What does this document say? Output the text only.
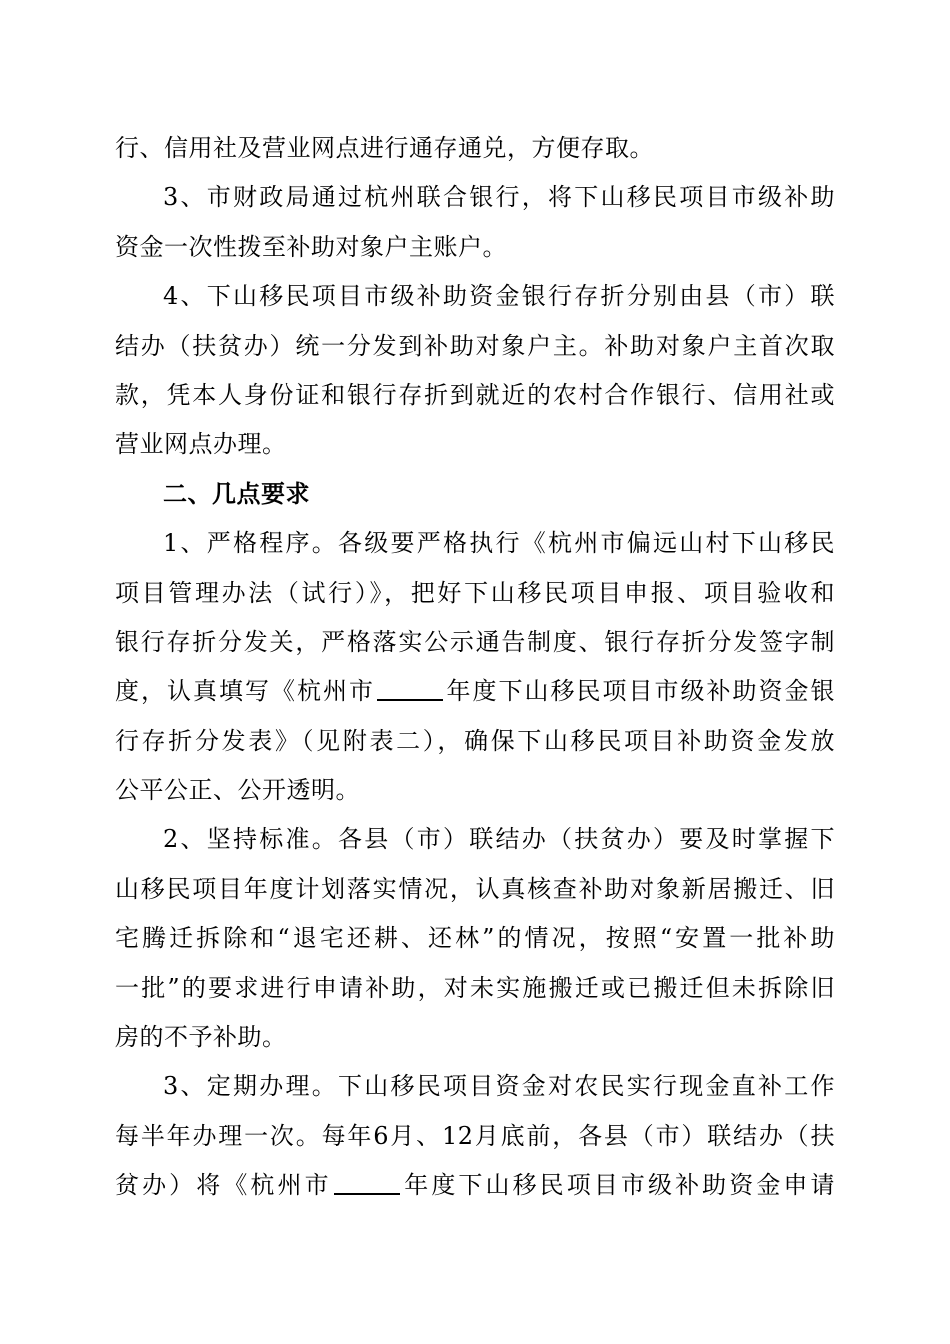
行、信用社及营业网点进行通存通兑，方便存取。
3、市财政局通过杭州联合银行，将下山移民项目市级补助
资金一次性拨至补助对象户主账户。
4、下山移民项目市级补助资金银行存折分别由县（市）联
结办（扶贫办）统一分发到补助对象户主。补助对象户主首次取
款，凭本人身份证和银行存折到就近的农村合作银行、信用社或
营业网点办理。
二、几点要求
1、严格程序。各级要严格执行《杭州市偏远山村下山移民
项目管理办法（试行）》，把好下山移民项目申报、项目验收和
银行存折分发关，严格落实公示通告制度、银行存折分发签字制
度，认真填写《杭州市	年度下山移民项目市级补助资金银
行存折分发表》（见附表二），确保下山移民项目补助资金发放
公平公正、公开透明。
2、坚持标准。各县（市）联结办（扶贫办）要及时掌握下
山移民项目年度计划落实情况，认真核查补助对象新居搬迁、旧
宅腾迁拆除和“退宅还耕、还林”的情况，按照“安置一批补助
一批”的要求进行申请补助，对未实施搬迁或已搬迁但未拆除旧
房的不予补助。
3、定期办理。下山移民项目资金对农民实行现金直补工作
每半年办理一次。每年6月、12月底前，各县（市）联结办（扶
贫办）将《杭州市	年度下山移民项目市级补助资金申请
